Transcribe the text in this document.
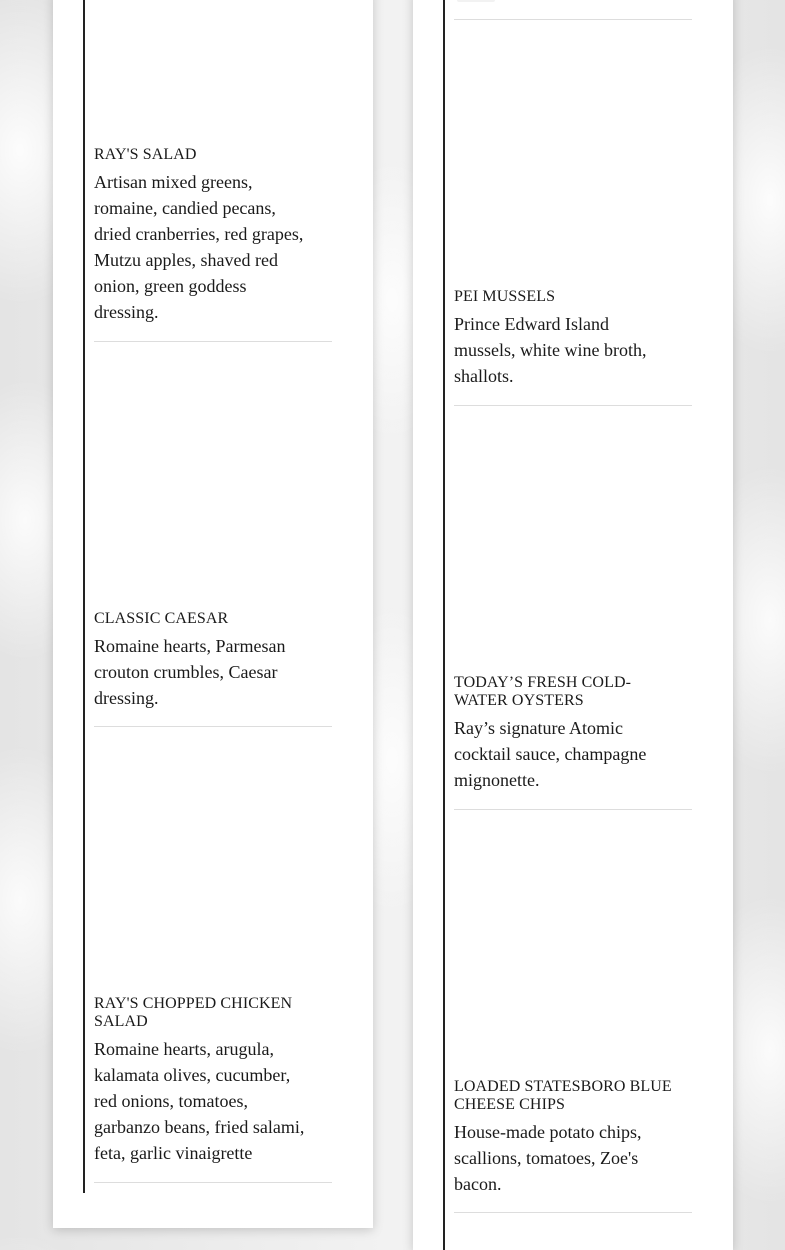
RAY'S SALAD

Artisan mixed greens, romaine, candied pecans, dried cranberries, red grapes, Mutzu apples, shaved red onion, green goddess dressing.

CLASSIC CAESAR

Romaine hearts, Parmesan crouton crumbles, Caesar dressing.

RAY'S CHOPPED CHICKEN SALAD

Romaine hearts, arugula, kalamata olives, cucumber, red onions, tomatoes, garbanzo beans, fried salami, feta, garlic vinaigrette

PEI MUSSELS

Prince Edward Island mussels, white wine broth, shallots.

TODAY’S FRESH COLD-WATER OYSTERS

Ray’s signature Atomic cocktail sauce, champagne mignonette.

LOADED STATESBORO BLUE CHEESE CHIPS

House-made potato chips, scallions, tomatoes, Zoe's bacon.
